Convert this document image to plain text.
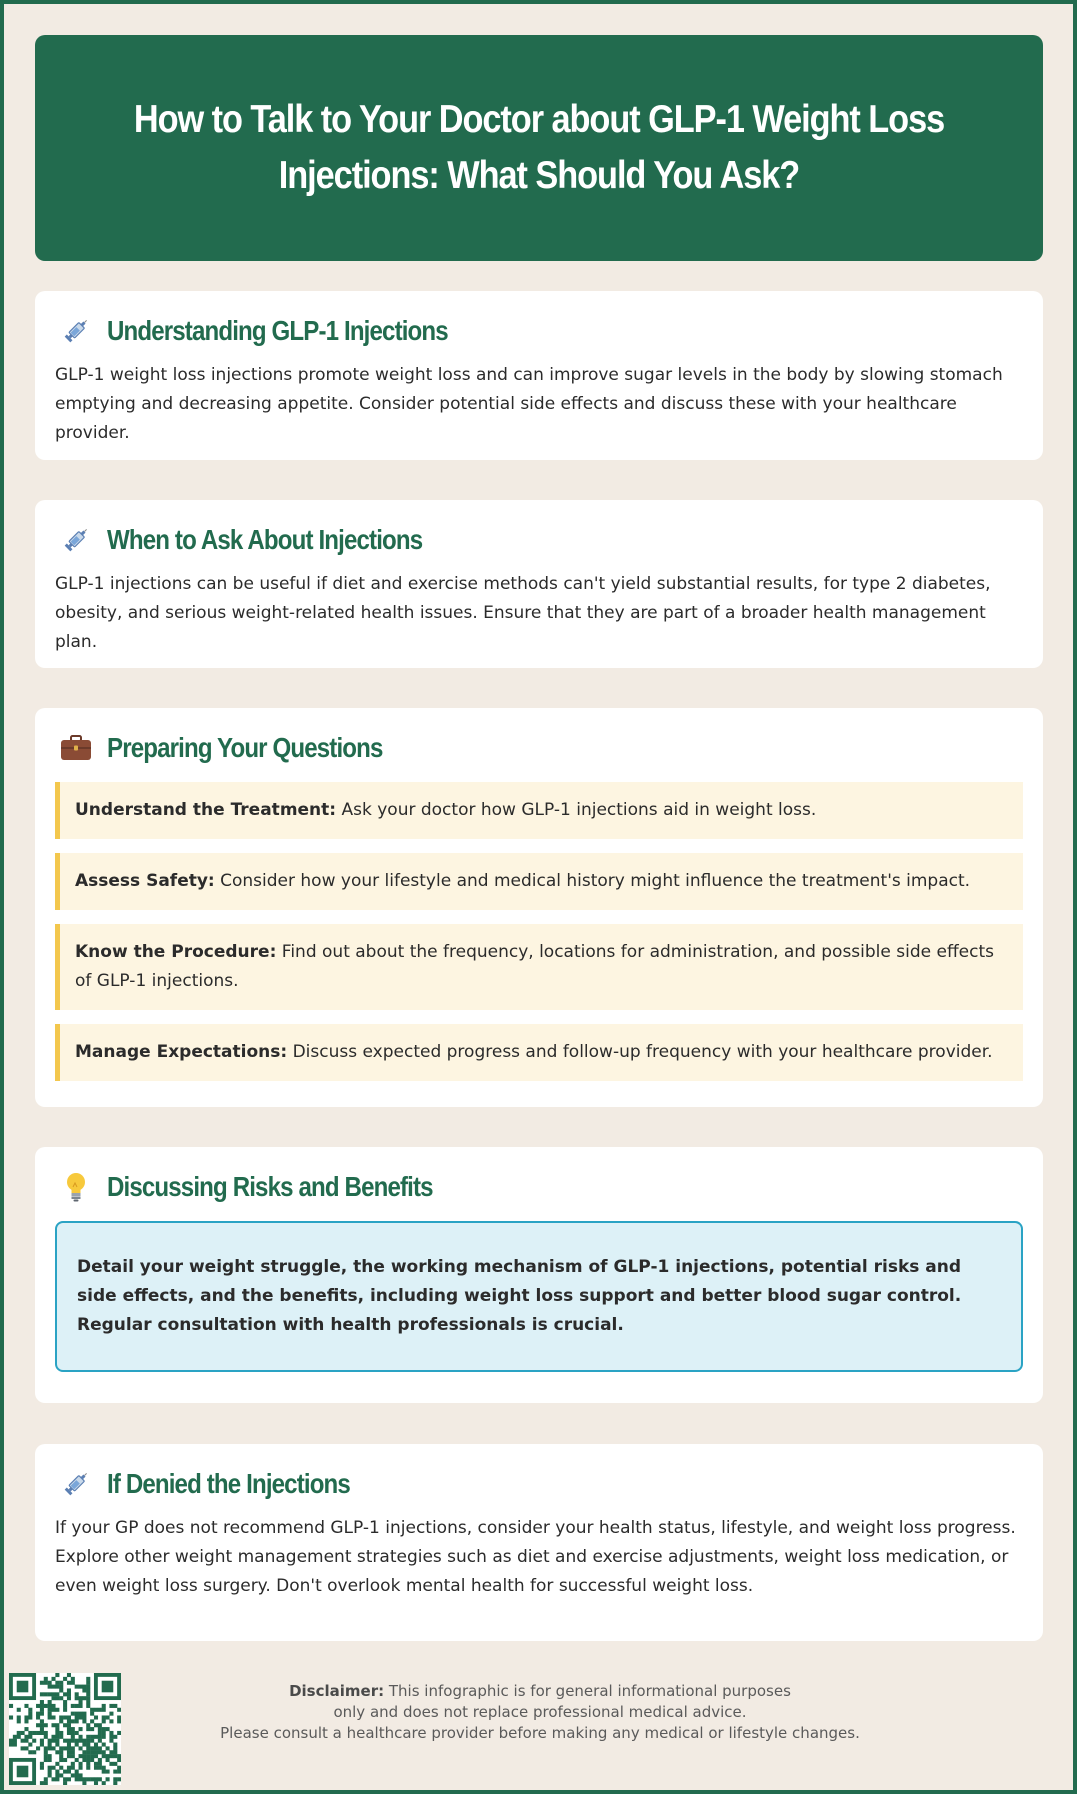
How to Talk to Your Doctor about GLP-1 Weight Loss Injections: What Should You Ask?
Understanding GLP-1 Injections

GLP-1 weight loss injections promote weight loss and can improve sugar levels in the body by slowing stomach emptying and decreasing appetite. Consider potential side effects and discuss these with your healthcare provider.

When to Ask About Injections

GLP-1 injections can be useful if diet and exercise methods can't yield substantial results, for type 2 diabetes, obesity, and serious weight-related health issues. Ensure that they are part of a broader health management plan.

Preparing Your Questions
Understand the Treatment: Ask your doctor how GLP-1 injections aid in weight loss.
Assess Safety: Consider how your lifestyle and medical history might influence the treatment's impact.
Know the Procedure: Find out about the frequency, locations for administration, and possible side effects of GLP-1 injections.
Manage Expectations: Discuss expected progress and follow-up frequency with your healthcare provider.
Discussing Risks and Benefits
Detail your weight struggle, the working mechanism of GLP-1 injections, potential risks and side effects, and the benefits, including weight loss support and better blood sugar control. Regular consultation with health professionals is crucial.
If Denied the Injections

If your GP does not recommend GLP-1 injections, consider your health status, lifestyle, and weight loss progress. Explore other weight management strategies such as diet and exercise adjustments, weight loss medication, or even weight loss surgery. Don't overlook mental health for successful weight loss.

Disclaimer: This infographic is for general informational purposes
only and does not replace professional medical advice.
Please consult a healthcare provider before making any medical or lifestyle changes.
